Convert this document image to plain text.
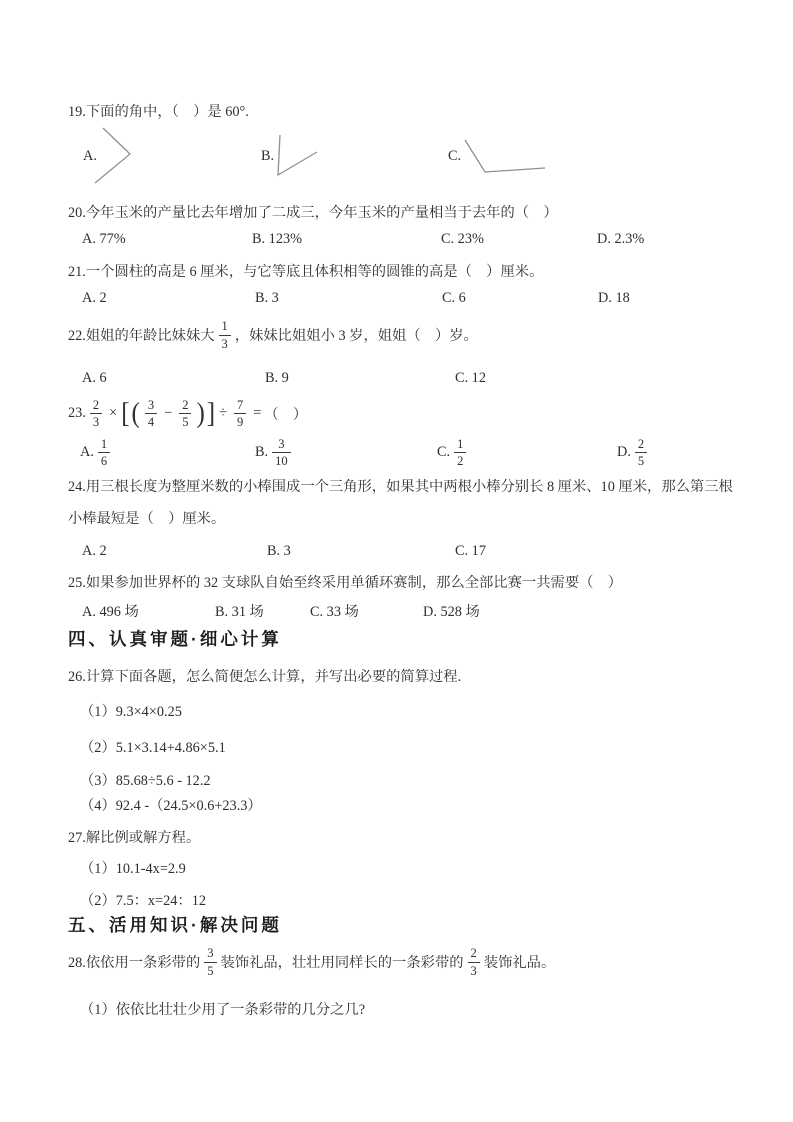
19.下面的角中，（　）是 60°.
A.	B.	C.
20.今年玉米的产量比去年增加了二成三，今年玉米的产量相当于去年的（　）
A. 77%	B. 123%	C. 23%	D. 2.3%
21.一个圆柱的高是 6 厘米，与它等底且体积相等的圆锥的高是（　）厘米。
A. 2	B. 3	C. 6	D. 18
22.姐姐的年龄比妹妹大 $\frac{1}{3}$ ，妹妹比姐姐小 3 岁，姐姐（　）岁。
A. 6	B. 9	C. 12
23. $\frac{2}{3}$ × [ ( $\frac{3}{4} - \frac{2}{5}$ ) ] ÷ $\frac{7}{9}$ = （　）
A. $\frac{1}{6}$	B. $\frac{3}{10}$	C. $\frac{1}{2}$	D. $\frac{2}{5}$
24.用三根长度为整厘米数的小棒围成一个三角形，如果其中两根小棒分别长 8 厘米、10 厘米，那么第三根
小棒最短是（　）厘米。
A. 2	B. 3	C. 17
25.如果参加世界杯的 32 支球队自始至终采用单循环赛制，那么全部比赛一共需要（　）
A. 496 场	B. 31 场	C. 33 场	D. 528 场
四、认真审题·细心计算
26.计算下面各题，怎么简便怎么计算，并写出必要的简算过程.
（1）9.3×4×0.25
（2）5.1×3.14+4.86×5.1
（3）85.68÷5.6 - 12.2
（4）92.4 -（24.5×0.6+23.3）
27.解比例或解方程。
（1）10.1-4x=2.9
（2）7.5：x=24：12
五、活用知识·解决问题
28.依依用一条彩带的 $\frac{3}{5}$ 装饰礼品，壮壮用同样长的一条彩带的 $\frac{2}{3}$ 装饰礼品。
（1）依依比壮壮少用了一条彩带的几分之几?
